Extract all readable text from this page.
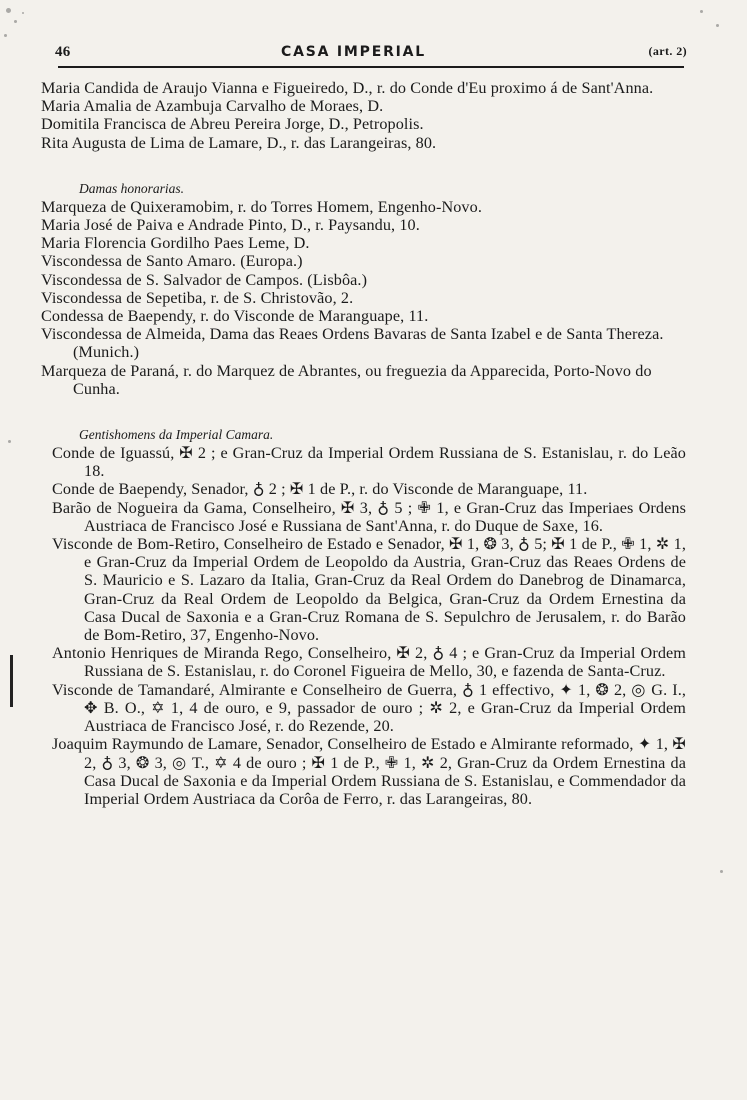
46	CASA IMPERIAL	(art. 2)

Maria Candida de Araujo Vianna e Figueiredo, D., r. do Conde d'Eu proximo á de Sant'Anna.

Maria Amalia de Azambuja Carvalho de Moraes, D.

Domitila Francisca de Abreu Pereira Jorge, D., Petropolis.

Rita Augusta de Lima de Lamare, D., r. das Larangeiras, 80.

Damas honorarias.

Marqueza de Quixeramobim, r. do Torres Homem, Engenho-Novo.

Maria José de Paiva e Andrade Pinto, D., r. Paysandu, 10.

Maria Florencia Gordilho Paes Leme, D.

Viscondessa de Santo Amaro. (Europa.)

Viscondessa de S. Salvador de Campos. (Lisbôa.)

Viscondessa de Sepetiba, r. de S. Christovão, 2.

Condessa de Baependy, r. do Visconde de Maranguape, 11.

Viscondessa de Almeida, Dama das Reaes Ordens Bavaras de Santa Izabel e de Santa Thereza. (Munich.)

Marqueza de Paraná, r. do Marquez de Abrantes, ou freguezia da Apparecida, Porto-Novo do Cunha.

Gentishomens da Imperial Camara.

Conde de Iguassú, ✠ 2 ; e Gran-Cruz da Imperial Ordem Russiana de S. Estanislau, r. do Leão 18.

Conde de Baependy, Senador, ♁ 2 ; ✠ 1 de P., r. do Visconde de Maranguape, 11.

Barão de Nogueira da Gama, Conselheiro, ✠ 3, ♁ 5 ; ✙ 1, e Gran-Cruz das Imperiaes Ordens Austriaca de Francisco José e Russiana de Sant'Anna, r. do Duque de Saxe, 16.

Visconde de Bom-Retiro, Conselheiro de Estado e Senador, ✠ 1, ❂ 3, ♁ 5; ✠ 1 de P., ✙ 1, ✲ 1, e Gran-Cruz da Imperial Ordem de Leopoldo da Austria, Gran-Cruz das Reaes Ordens de S. Mauricio e S. Lazaro da Italia, Gran-Cruz da Real Ordem do Danebrog de Dinamarca, Gran-Cruz da Real Ordem de Leopoldo da Belgica, Gran-Cruz da Ordem Ernestina da Casa Ducal de Saxonia e a Gran-Cruz Romana de S. Sepulchro de Jerusalem, r. do Barão de Bom-Retiro, 37, Engenho-Novo.

Antonio Henriques de Miranda Rego, Conselheiro, ✠ 2, ♁ 4 ; e Gran-Cruz da Imperial Ordem Russiana de S. Estanislau, r. do Coronel Figueira de Mello, 30, e fazenda de Santa-Cruz.

Visconde de Tamandaré, Almirante e Conselheiro de Guerra, ♁ 1 effectivo, ✦ 1, ❂ 2, ◎ G. I., ✥ B. O., ✡ 1, 4 de ouro, e 9, passador de ouro ; ✲ 2, e Gran-Cruz da Imperial Ordem Austriaca de Francisco José, r. do Rezende, 20.

Joaquim Raymundo de Lamare, Senador, Conselheiro de Estado e Almirante reformado, ✦ 1, ✠ 2, ♁ 3, ❂ 3, ◎ T., ✡ 4 de ouro ; ✠ 1 de P., ✙ 1, ✲ 2, Gran-Cruz da Ordem Ernestina da Casa Ducal de Saxonia e da Imperial Ordem Russiana de S. Estanislau, e Commendador da Imperial Ordem Austriaca da Corôa de Ferro, r. das Larangeiras, 80.
